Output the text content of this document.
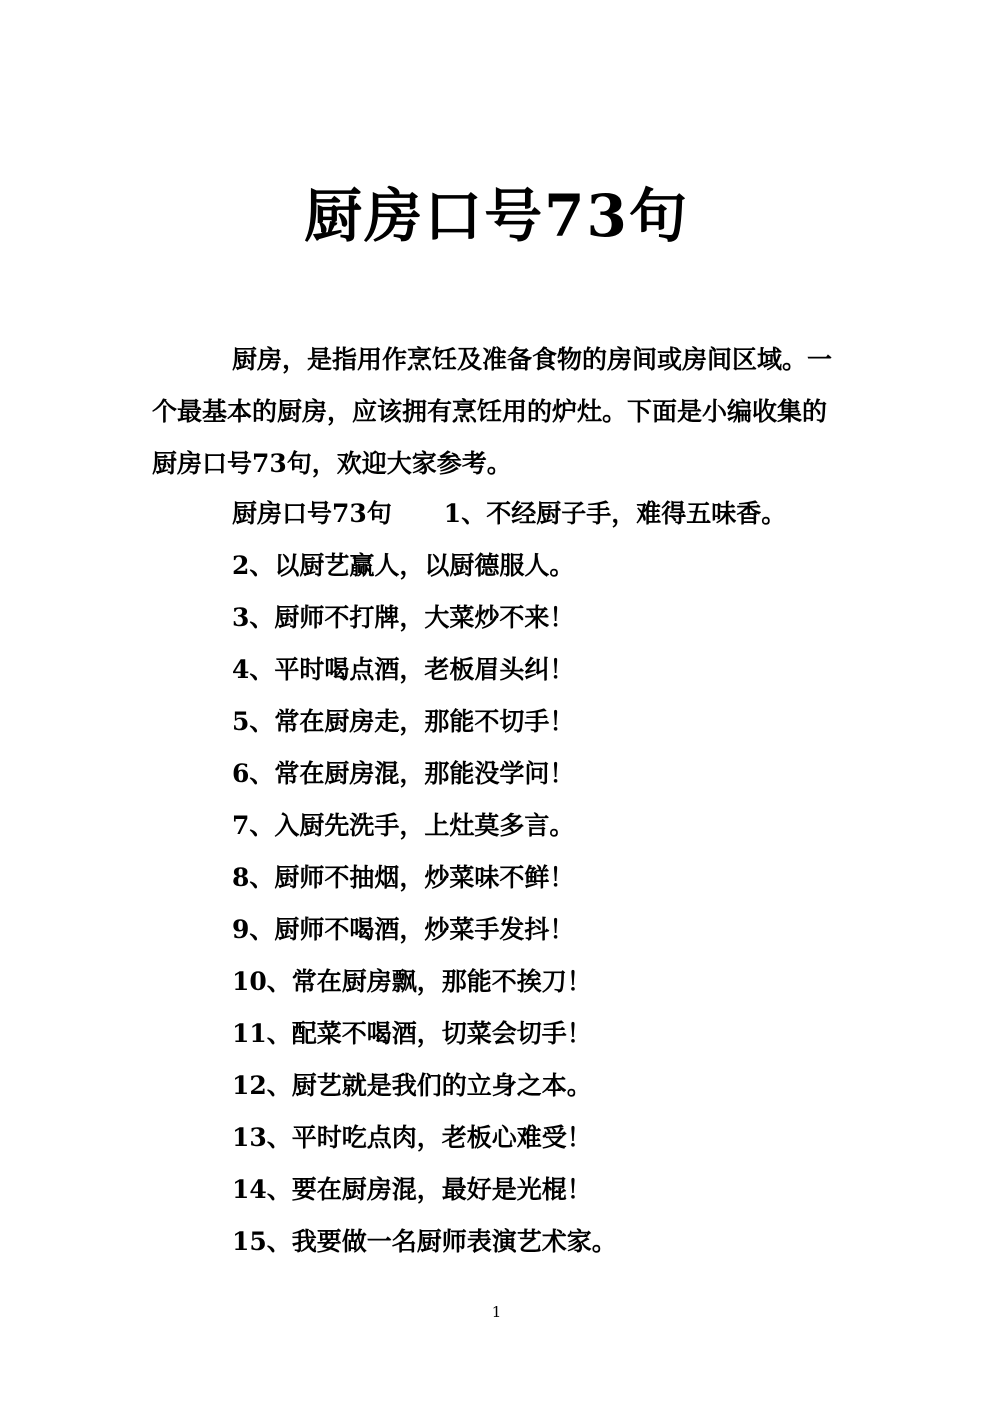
厨房口号73句

厨房，是指用作烹饪及准备食物的房间或房间区域。一个最基本的厨房，应该拥有烹饪用的炉灶。下面是小编收集的厨房口号73句，欢迎大家参考。

厨房口号73句 1、不经厨子手，难得五味香。

2、以厨艺赢人，以厨德服人。

3、厨师不打牌，大菜炒不来！

4、平时喝点酒，老板眉头纠！

5、常在厨房走，那能不切手！

6、常在厨房混，那能没学问！

7、入厨先洗手，上灶莫多言。

8、厨师不抽烟，炒菜味不鲜！

9、厨师不喝酒，炒菜手发抖！

10、常在厨房飘，那能不挨刀！

11、配菜不喝酒，切菜会切手！

12、厨艺就是我们的立身之本。

13、平时吃点肉，老板心难受！

14、要在厨房混，最好是光棍！

15、我要做一名厨师表演艺术家。

1
